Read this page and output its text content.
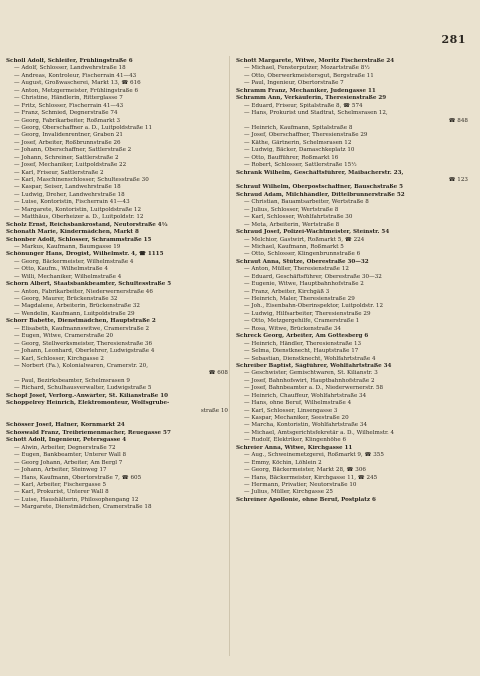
281
Scholl Adolf, Schleifer, Frühlingstraße 6
— Adolf, Schlosser, Landwehrstraße 18
— Andreas, Kontroleur, Fischerrain 41—43
— August, Großwascherei, Markt 13, ☎ 616
— Anton, Metzgermeister, Frühlingstraße 6
— Christine, Händlerin, Ritterglasse 7
— Fritz, Schlosser, Fischerrain 41—43
— Franz, Schmied, Degnerstraße 74
— Georg, Fabrikarbeiter, Roßmarkt 3
— Georg, Oberschaffner a. D., Luitpoldstraße 11
— Georg, Invalidenrentner, Graben 21
— Josef, Arbeiter, Roßbrunnstraße 26
— Johann, Oberschaffner, Sattlerstraße 2
— Johann, Schreiner, Sattlerstraße 2
— Josef, Mechaniker, Luitpoldstraße 22
— Karl, Friseur, Sattlerstraße 2
— Karl, Maschinenschlosser, Schultesstraße 30
— Kaspar, Seiser, Landwehrstraße 18
— Ludwig, Dreher, Landwehrstraße 18
— Luise, Kontoristin, Fischerrain 41—43
— Margarete, Kontoristin, Luitpoldstraße 12
— Matthäus, Oberheizer a. D., Luitpoldstr. 12
Scholz Ernst, Reichsbankrostand, Neutorstraße 4½
Schonath Marie, Kindermädchen, Markt 8
Schonber Adolf, Schlosser, Schrammstraße 15
— Markus, Kaufmann, Baumgasse 19
Schönunger Hans, Drogist, Wilhelmstr. 4, ☎ 1115
— Georg, Bäckermeister, Wilhelmstraße 4
— Otto, Kaufm., Wilhelmstraße 4
— Willi, Mechaniker, Wilhelmstraße 4
Schorn Albert, Staatsbankbeamter, Schultesstraße 5
— Anton, Fabrikarbeiter, Niederwernerstraße 46
— Georg, Maurer, Brückenstraße 32
— Magdalene, Arbeiterin, Brückenstraße 32
— Wendelin, Kaufmann, Luitpoldstraße 29
Schorr Babette, Dienstmädchen, Hauptstraße 2
— Elisabeth, Kaufmannswitwe, Cramerstraße 2
— Eugen, Witwe, Cramerstraße 20
— Georg, Stellwerksmeister, Theresienstraße 36
— Johann, Leonhard, Oberlehrer, Ludwigstraße 4
— Karl, Schlosser, Kirchgasse 2
— Norbert (Fa.), Kolonialwaren, Cramerstr. 20,
☎ 608
— Paul, Bezirksbeamter, Schelmsrasen 9
— Richard, Schulhausverwalter, Ludwigstraße 5
Schopf Josef, Verforg.-Anwärter, St. Kilianstraße 10
Schoppelrey Heinrich, Elektromonteur, Wolfsgrube-
straße 10
Schösser Josef, Hafner, Kornmarkt 24
Schoswald Franz, Treibriemenmacher, Reuegasse 57
Schott Adolf, Ingenieur, Petersgasse 4
— Alwin, Arbeiter, Degnerstraße 72
— Eugen, Bankbeamter, Unterer Wall 8
— Georg Johann, Arbeiter, Am Bergl 7
— Johann, Arbeiter, Steinweg 17
— Hans, Kaufmann, Obertorstraße 7, ☎ 605
— Karl, Arbeiter, Fischergasse 5
— Karl, Prokurist, Unterer Wall 8
— Luise, Haushälterin, Philosophengang 12
— Margarete, Dienstmädchen, Cramerstraße 18
Schott Margarete, Witwe, Moritz Fischerstraße 24
— Michael, Fensterputzer, Mozartstraße 8½
— Otto, Oberwerkmeistersgut, Bergstraße 11
— Paul, Ingenieur, Obertorstraße 7
Schramm Franz, Mechaniker, Judengasse 11
Schramm Ann, Verkäuferin, Theresienstraße 29
— Eduard, Friseur, Spitalstraße 8, ☎ 574
— Hans, Prokurist und Stadtrat, Schelmsrasen 12,
☎ 848
— Heinrich, Kaufmann, Spitalstraße 8
— Josef, Oberschaffner, Theresienstraße 29
— Käthe, Gärtnerin, Schelmsrasen 12
— Ludwig, Bäcker, Damaschkeplatz 10
— Otto, Baufführer, Roßmarkt 16
— Robert, Schlosser, Sattlerstraße 15½
Schrank Wilhelm, Geschäftsführer, Maibacherstr. 23,
☎ 123
Schrauf Wilhelm, Oberpostschaffner, Bauschstraße 5
Schraud Adam, Milchhändler, Dittelbrunnerstraße 52
— Christian, Bauamtsarbeiter, Wertstraße 8
— Julius, Schlosser, Wertstraße 8
— Karl, Schlosser, Wohlfahrtstraße 30
— Meta, Arbeiterin, Wertstraße 8
Schraud Josef, Polizei-Wachtmeister, Steinstr. 54
— Melchior, Gastwirt, Roßmarkt 5, ☎ 224
— Michael, Kaufmann, Roßmarkt 5
— Otto, Schlosser, Klingenbrunnstraße 6
Schraut Anna, Stütze, Oberestraße 30—32
— Anton, Müller, Theresienstraße 12
— Eduard, Geschäftsführer, Oberestraße 30—32
— Eugenie, Witwe, Hauptbahnhofstraße 2
— Franz, Arbeiter, Kirchgäß 3
— Heinrich, Maler, Theresienstraße 29
— Joh., Eisenbahn-Oberinspektor, Luitpoldstr. 12
— Ludwig, Hilfsarbeiter, Theresienstraße 29
— Otto, Metzgergehilfe, Cramerstraße 1
— Rosa, Witwe, Brückenstraße 34
Schreck Georg, Arbeiter, Am Gottesberg 6
— Heinrich, Händler, Theresienstraße 13
— Selma, Dienstknecht, Hauptstraße 17
— Sebastian, Dienstknecht, Wohlfahrtstraße 4
Schreiber Baptist, Sägführer, Wohlfahrtstraße 34
— Geschwister, Gemischtwaren, St. Kilianstr. 3
— Josef, Bahnhofswirt, Hauptbahnhofstraße 2
— Josef, Bahnbeamter a. D., Niederwernerstr. 58
— Heinrich, Chauffeur, Wohlfahrtstraße 34
— Hans, ohne Beruf, Wilhelmstraße 4
— Karl, Schlosser, Linsengasse 3
— Kaspar, Mechaniker, Seestraße 20
— Marcha, Kontoristin, Wohlfahrtstraße 34
— Michael, Amtsgerichtsfekretär a. D., Wilhelmstr. 4
— Rudolf, Elektriker, Klingenhöhe 6
Schreier Anna, Witwe, Kirchgasse 11
— Aug., Schweinemetzgerei, Roßmarkt 9, ☎ 355
— Emmy, Köchin, Löhlein 2
— Georg, Bäckermeister, Markt 28, ☎ 306
— Hans, Bäckermeister, Kirchgasse 11, ☎ 245
— Hermann, Privatier, Neutorstraße 10
— Julius, Müller, Kirchgasse 25
Schreiner Apollonie, ohne Beruf, Postplatz 6
